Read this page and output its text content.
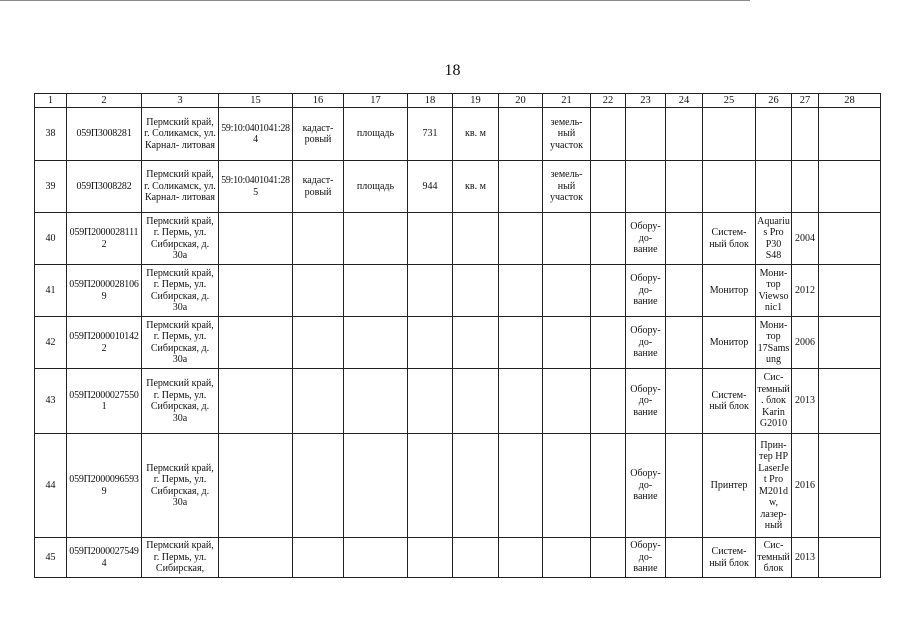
18
1	2	3	15	16	17	18	19	20	21	22	23	24	25	26	27	28
38	059П3008281	Пермский край, г. Соликамск, ул. Карнал- литовая	59:10:0401041:284	кадаст- ровый	площадь	731	кв. м		земель- ный участок							
39	059П3008282	Пермский край, г. Соликамск, ул. Карнал- литовая	59:10:0401041:285	кадаст- ровый	площадь	944	кв. м		земель- ный участок							
40	059П20000281112	Пермский край, г. Пермь, ул. Сибирская, д. 30а									Обору- до- вание		Систем- ный блок	Aquariu s Pro P30 S48	2004	
41	059П20000281069	Пермский край, г. Пермь, ул. Сибирская, д. 30а									Обору- до- вание		Монитор	Мони- тор Viewso nic1	2012	
42	059П20000101422	Пермский край, г. Пермь, ул. Сибирская, д. 30а									Обору- до- вание		Монитор	Мони- тор 17Sams ung	2006	
43	059П20000275501	Пермский край, г. Пермь, ул. Сибирская, д. 30а									Обору- до- вание		Систем- ный блок	Сис- темный. блок Karin G2010	2013	
44	059П20000965939	Пермский край, г. Пермь, ул. Сибирская, д. 30а									Обору- до- вание		Принтер	Прин- тер HP LaserJet Pro M201d w, лазер- ный	2016	
45	059П20000275494	Пермский край, г. Пермь, ул. Сибирская,									Обору- до- вание		Систем- ный блок	Сис- темный блок	2013	
